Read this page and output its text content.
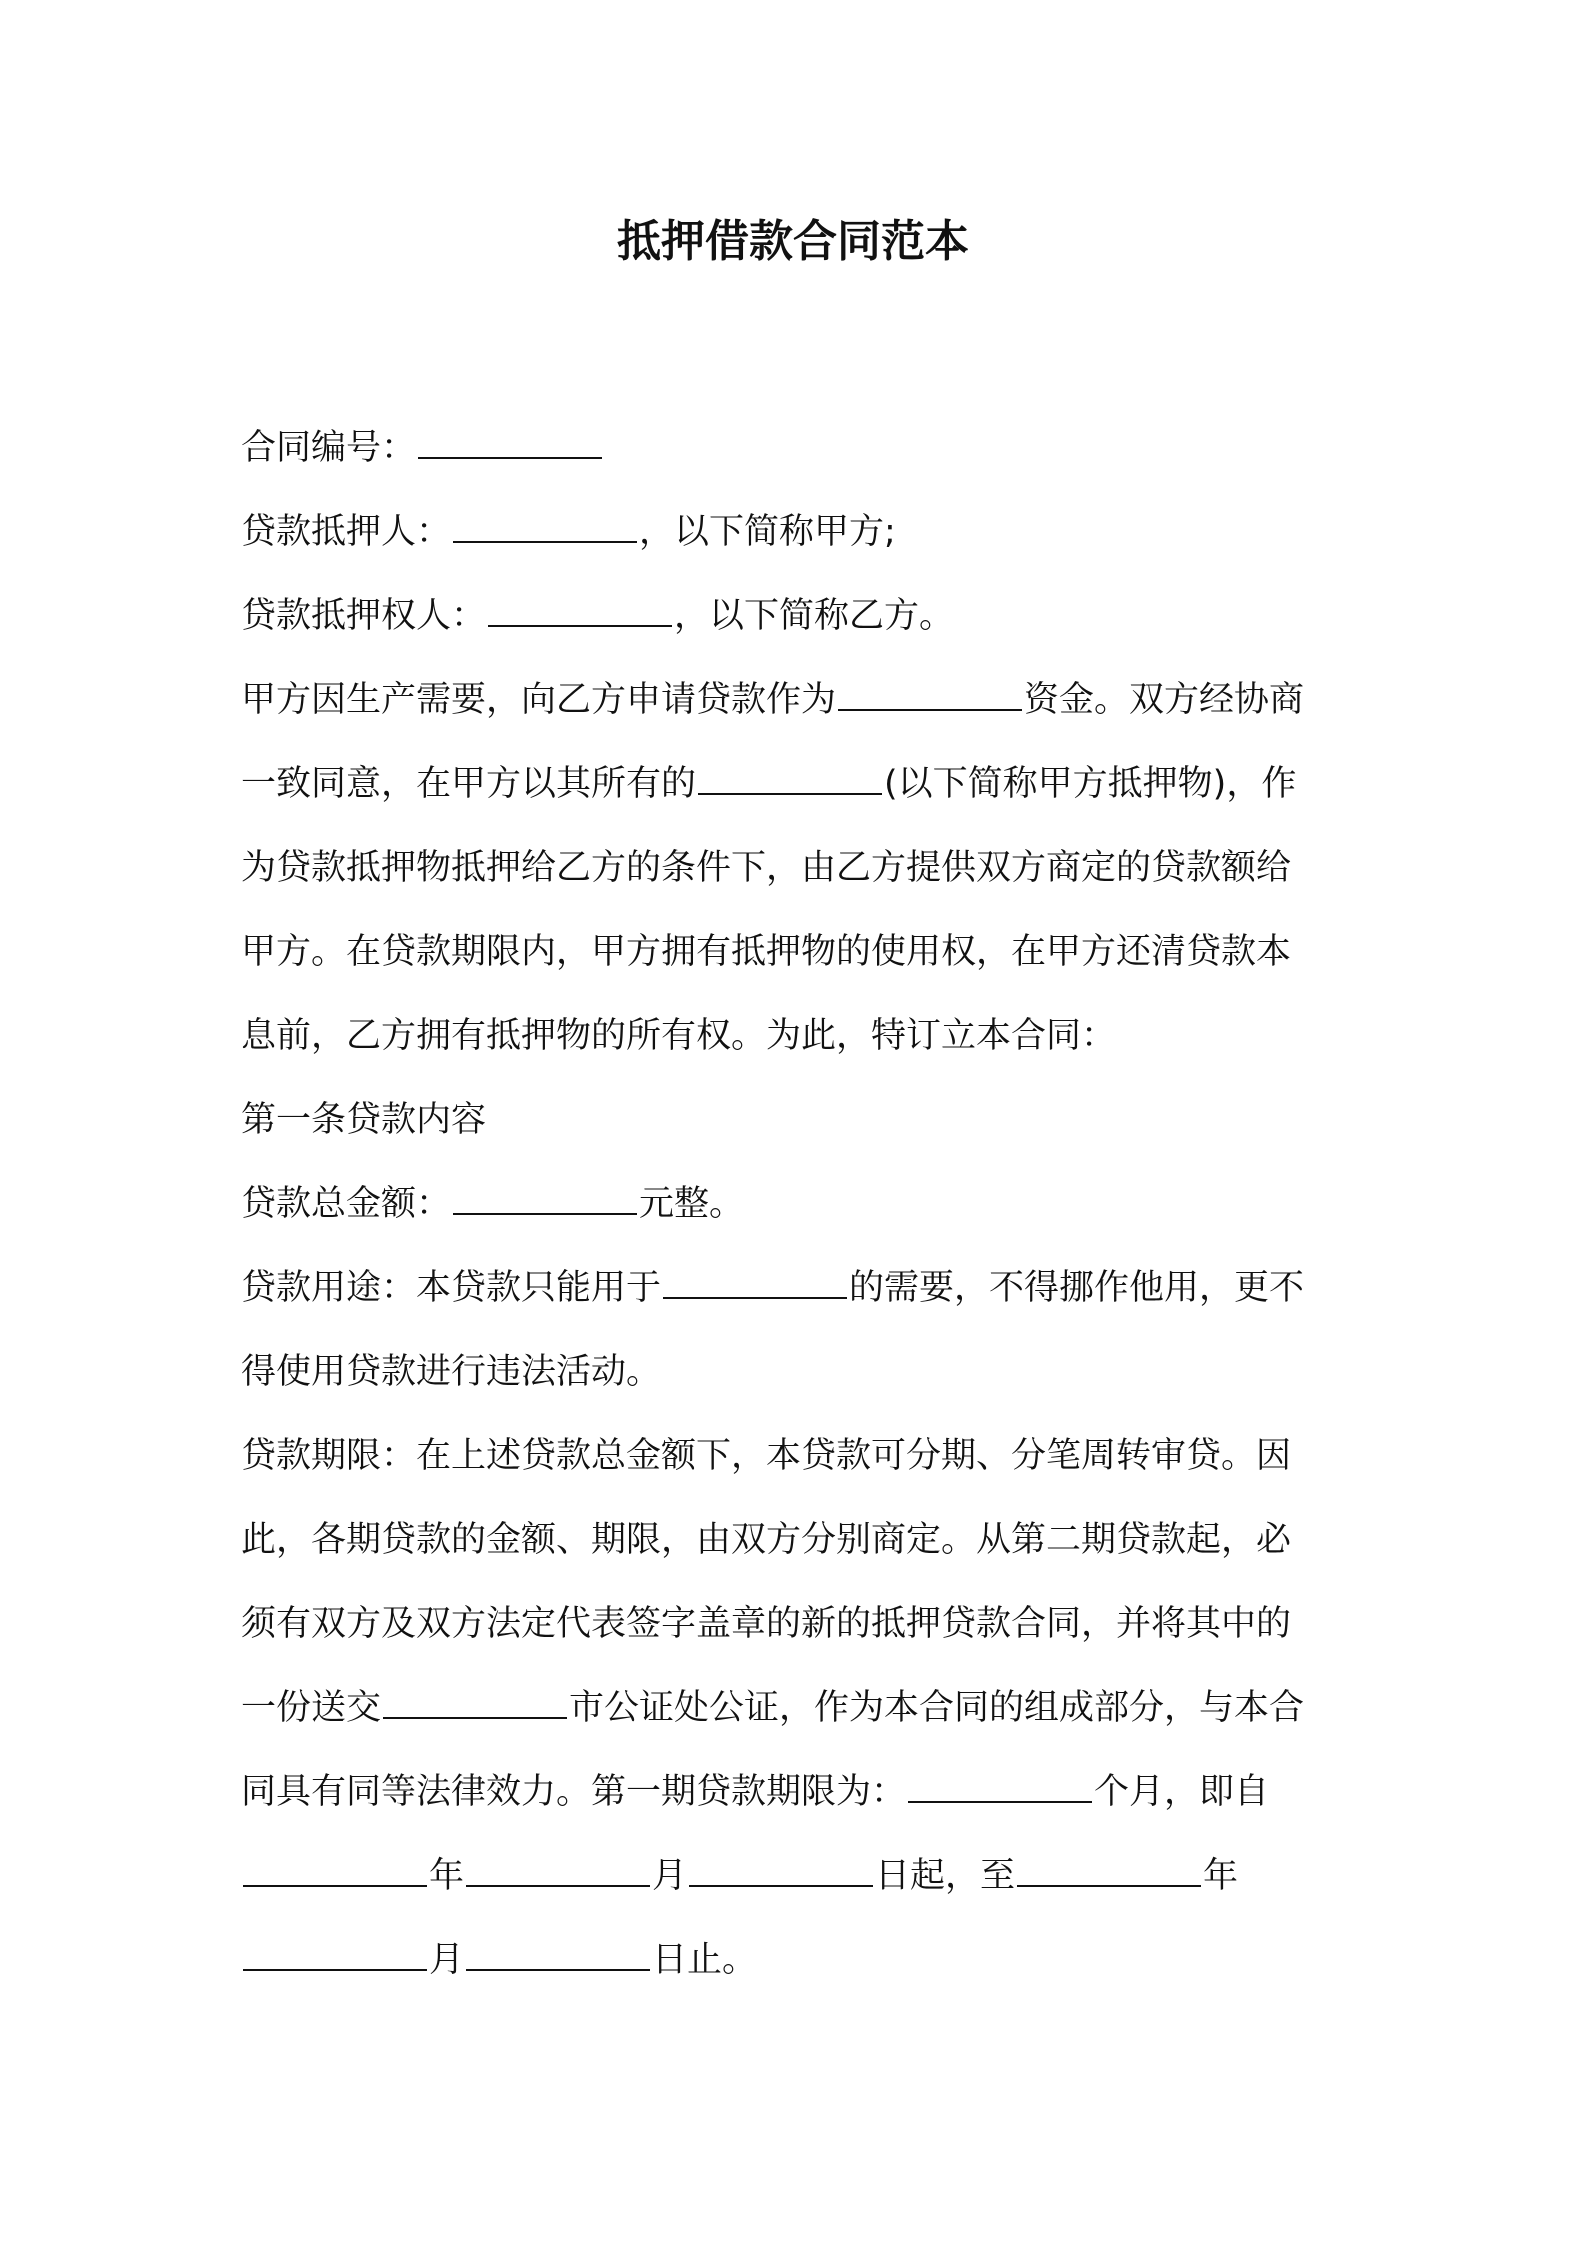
抵押借款合同范本
合同编号：
贷款抵押人：	，以下简称甲方;
贷款抵押权人：	，以下简称乙方。
甲方因生产需要，向乙方申请贷款作为	资金。双方经协商
一致同意，在甲方以其所有的	(以下简称甲方抵押物)，作
为贷款抵押物抵押给乙方的条件下，由乙方提供双方商定的贷款额给
甲方。在贷款期限内，甲方拥有抵押物的使用权，在甲方还清贷款本
息前，乙方拥有抵押物的所有权。为此，特订立本合同：
第一条贷款内容
贷款总金额：	元整。
贷款用途：本贷款只能用于	的需要，不得挪作他用，更不
得使用贷款进行违法活动。
贷款期限：在上述贷款总金额下，本贷款可分期、分笔周转审贷。因
此，各期贷款的金额、期限，由双方分别商定。从第二期贷款起，必
须有双方及双方法定代表签字盖章的新的抵押贷款合同，并将其中的
一份送交	市公证处公证，作为本合同的组成部分，与本合
同具有同等法律效力。第一期贷款期限为：	个月，即自
年	月	日起，至	年
月	日止。
